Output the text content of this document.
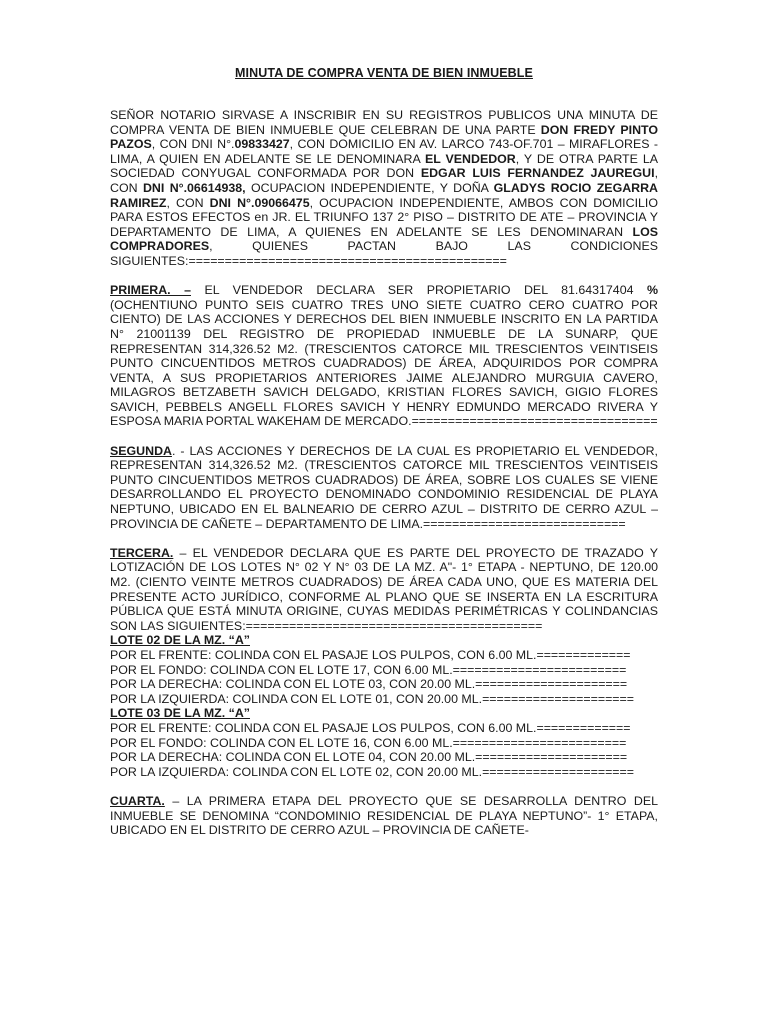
MINUTA DE COMPRA VENTA DE BIEN INMUEBLE

SEÑOR NOTARIO SIRVASE A INSCRIBIR EN SU REGISTROS PUBLICOS UNA MINUTA DE COMPRA VENTA DE BIEN INMUEBLE QUE CELEBRAN DE UNA PARTE DON FREDY PINTO PAZOS, CON DNI N°.09833427, CON DOMICILIO EN AV. LARCO 743-OF.701 – MIRAFLORES - LIMA, A QUIEN EN ADELANTE SE LE DENOMINARA EL VENDEDOR, Y DE OTRA PARTE LA SOCIEDAD CONYUGAL CONFORMADA POR DON EDGAR LUIS FERNANDEZ JAUREGUI, CON DNI N°.06614938, OCUPACION INDEPENDIENTE, Y DOÑA GLADYS ROCIO ZEGARRA RAMIREZ, CON DNI N°.09066475, OCUPACION INDEPENDIENTE, AMBOS CON DOMICILIO PARA ESTOS EFECTOS en JR. EL TRIUNFO 137 2° PISO – DISTRITO DE ATE – PROVINCIA Y DEPARTAMENTO DE LIMA, A QUIENES EN ADELANTE SE LES DENOMINARAN LOS COMPRADORES, QUIENES PACTAN BAJO LAS CONDICIONES SIGUIENTES:============================================

PRIMERA. – EL VENDEDOR DECLARA SER PROPIETARIO DEL 81.64317404 % (OCHENTIUNO PUNTO SEIS CUATRO TRES UNO SIETE CUATRO CERO CUATRO POR CIENTO) DE LAS ACCIONES Y DERECHOS DEL BIEN INMUEBLE INSCRITO EN LA PARTIDA N° 21001139 DEL REGISTRO DE PROPIEDAD INMUEBLE DE LA SUNARP, QUE REPRESENTAN 314,326.52 M2. (TRESCIENTOS CATORCE MIL TRESCIENTOS VEINTISEIS PUNTO CINCUENTIDOS METROS CUADRADOS) DE ÁREA, ADQUIRIDOS POR COMPRA VENTA, A SUS PROPIETARIOS ANTERIORES JAIME ALEJANDRO MURGUIA CAVERO, MILAGROS BETZABETH SAVICH DELGADO, KRISTIAN FLORES SAVICH, GIGIO FLORES SAVICH, PEBBELS ANGELL FLORES SAVICH Y HENRY EDMUNDO MERCADO RIVERA Y ESPOSA MARIA PORTAL WAKEHAM DE MERCADO.==================================

SEGUNDA. - LAS ACCIONES Y DERECHOS DE LA CUAL ES PROPIETARIO EL VENDEDOR, REPRESENTAN 314,326.52 M2. (TRESCIENTOS CATORCE MIL TRESCIENTOS VEINTISEIS PUNTO CINCUENTIDOS METROS CUADRADOS) DE ÁREA, SOBRE LOS CUALES SE VIENE DESARROLLANDO EL PROYECTO DENOMINADO CONDOMINIO RESIDENCIAL DE PLAYA NEPTUNO, UBICADO EN EL BALNEARIO DE CERRO AZUL – DISTRITO DE CERRO AZUL – PROVINCIA DE CAÑETE – DEPARTAMENTO DE LIMA.============================

TERCERA. – EL VENDEDOR DECLARA QUE ES PARTE DEL PROYECTO DE TRAZADO Y LOTIZACIÓN DE LOS LOTES N° 02 Y N° 03 DE LA MZ. A"- 1° ETAPA - NEPTUNO, DE 120.00 M2. (CIENTO VEINTE METROS CUADRADOS) DE ÁREA CADA UNO, QUE ES MATERIA DEL PRESENTE ACTO JURÍDICO, CONFORME AL PLANO QUE SE INSERTA EN LA ESCRITURA PÚBLICA QUE ESTÁ MINUTA ORIGINE, CUYAS MEDIDAS PERIMÉTRICAS Y COLINDANCIAS SON LAS SIGUIENTES:=========================================

LOTE 02 DE LA MZ. “A”

POR EL FRENTE: COLINDA CON EL PASAJE LOS PULPOS, CON 6.00 ML.=============

POR EL FONDO: COLINDA CON EL LOTE 17, CON 6.00 ML.========================

POR LA DERECHA: COLINDA CON EL LOTE 03, CON 20.00 ML.=====================

POR LA IZQUIERDA: COLINDA CON EL LOTE 01, CON 20.00 ML.=====================

LOTE 03 DE LA MZ. “A”

POR EL FRENTE: COLINDA CON EL PASAJE LOS PULPOS, CON 6.00 ML.=============

POR EL FONDO: COLINDA CON EL LOTE 16, CON 6.00 ML.========================

POR LA DERECHA: COLINDA CON EL LOTE 04, CON 20.00 ML.=====================

POR LA IZQUIERDA: COLINDA CON EL LOTE 02, CON 20.00 ML.=====================

CUARTA. – LA PRIMERA ETAPA DEL PROYECTO QUE SE DESARROLLA DENTRO DEL INMUEBLE SE DENOMINA “CONDOMINIO RESIDENCIAL DE PLAYA NEPTUNO”- 1° ETAPA, UBICADO EN EL DISTRITO DE CERRO AZUL – PROVINCIA DE CAÑETE-
